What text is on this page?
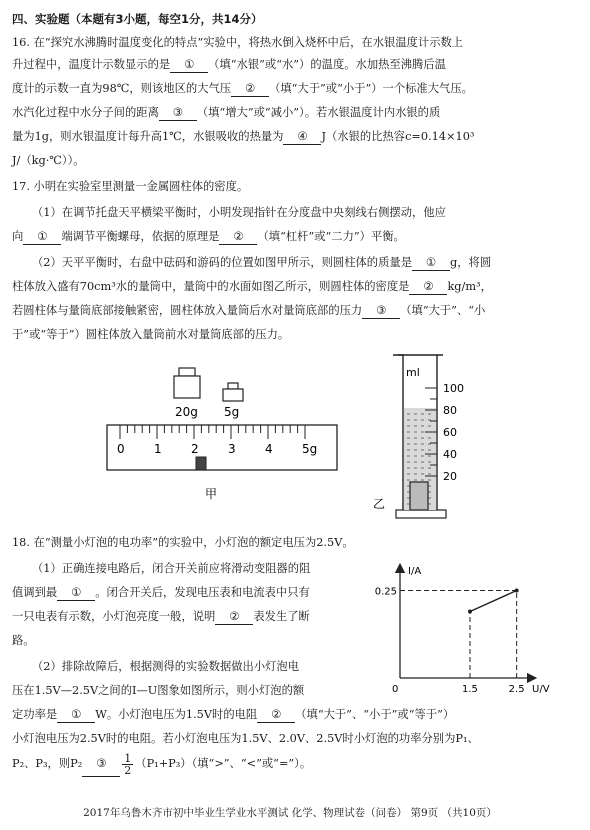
四、实验题（本题有3小题，每空1分，共14分）
16. 在“探究水沸腾时温度变化的特点”实验中，将热水倒入烧杯中后，在水银温度计示数上
升过程中，温度计示数显示的是 ① （填“水银”或“水”）的温度。水加热至沸腾后温
度计的示数一直为98℃，则该地区的大气压 ② （填“大于”或“小于”）一个标准大气压。
水汽化过程中水分子间的距离 ③ （填“增大”或“减小”）。若水银温度计内水银的质
量为1g，则水银温度计每升高1℃，水银吸收的热量为 ④ J（水银的比热容c=0.14×10³
J/（kg·℃））。
17. 小明在实验室里测量一金属圆柱体的密度。
（1）在调节托盘天平横梁平衡时，小明发现指针在分度盘中央刻线右侧摆动，他应
向 ① 端调节平衡螺母，依据的原理是 ② （填“杠杆”或“二力”）平衡。
（2）天平平衡时，右盘中砝码和游码的位置如图甲所示，则圆柱体的质量是 ① g，将圆
柱体放入盛有70cm³水的量筒中，量筒中的水面如图乙所示，则圆柱体的密度是 ② kg/m³，
若圆柱体与量筒底部接触紧密，圆柱体放入量筒后水对量筒底部的压力 ③ （填“大于”、“小
于”或“等于”）圆柱体放入量筒前水对量筒底部的压力。
20g 5g
0 1 2 3 4 5g
甲
ml
100
80
60
40
20
乙
18. 在“测量小灯泡的电功率”的实验中，小灯泡的额定电压为2.5V。
（1）正确连接电路后，闭合开关前应将滑动变阻器的阻
值调到最 ① 。闭合开关后，发现电压表和电流表中只有
一只电表有示数，小灯泡亮度一般，说明 ② 表发生了断
路。
（2）排除故障后，根据测得的实验数据做出小灯泡电
压在1.5V—2.5V之间的I—U图象如图所示，则小灯泡的额
定功率是 ① W。小灯泡电压为1.5V时的电阻 ② （填“大于”、“小于”或“等于”）
小灯泡电压为2.5V时的电阻。若小灯泡电压为1.5V、2.0V、2.5V时小灯泡的功率分别为P₁、
P₂、P₃，则P₂ ③ $\frac{1}{2} (P_1+P_3)$（填“>”、“<”或“=”）。
I/A
U/V
0	1.5	2.5
0.25
2017年乌鲁木齐市初中毕业生学业水平测试 化学、物理试卷（问卷） 第9页 （共10页）
